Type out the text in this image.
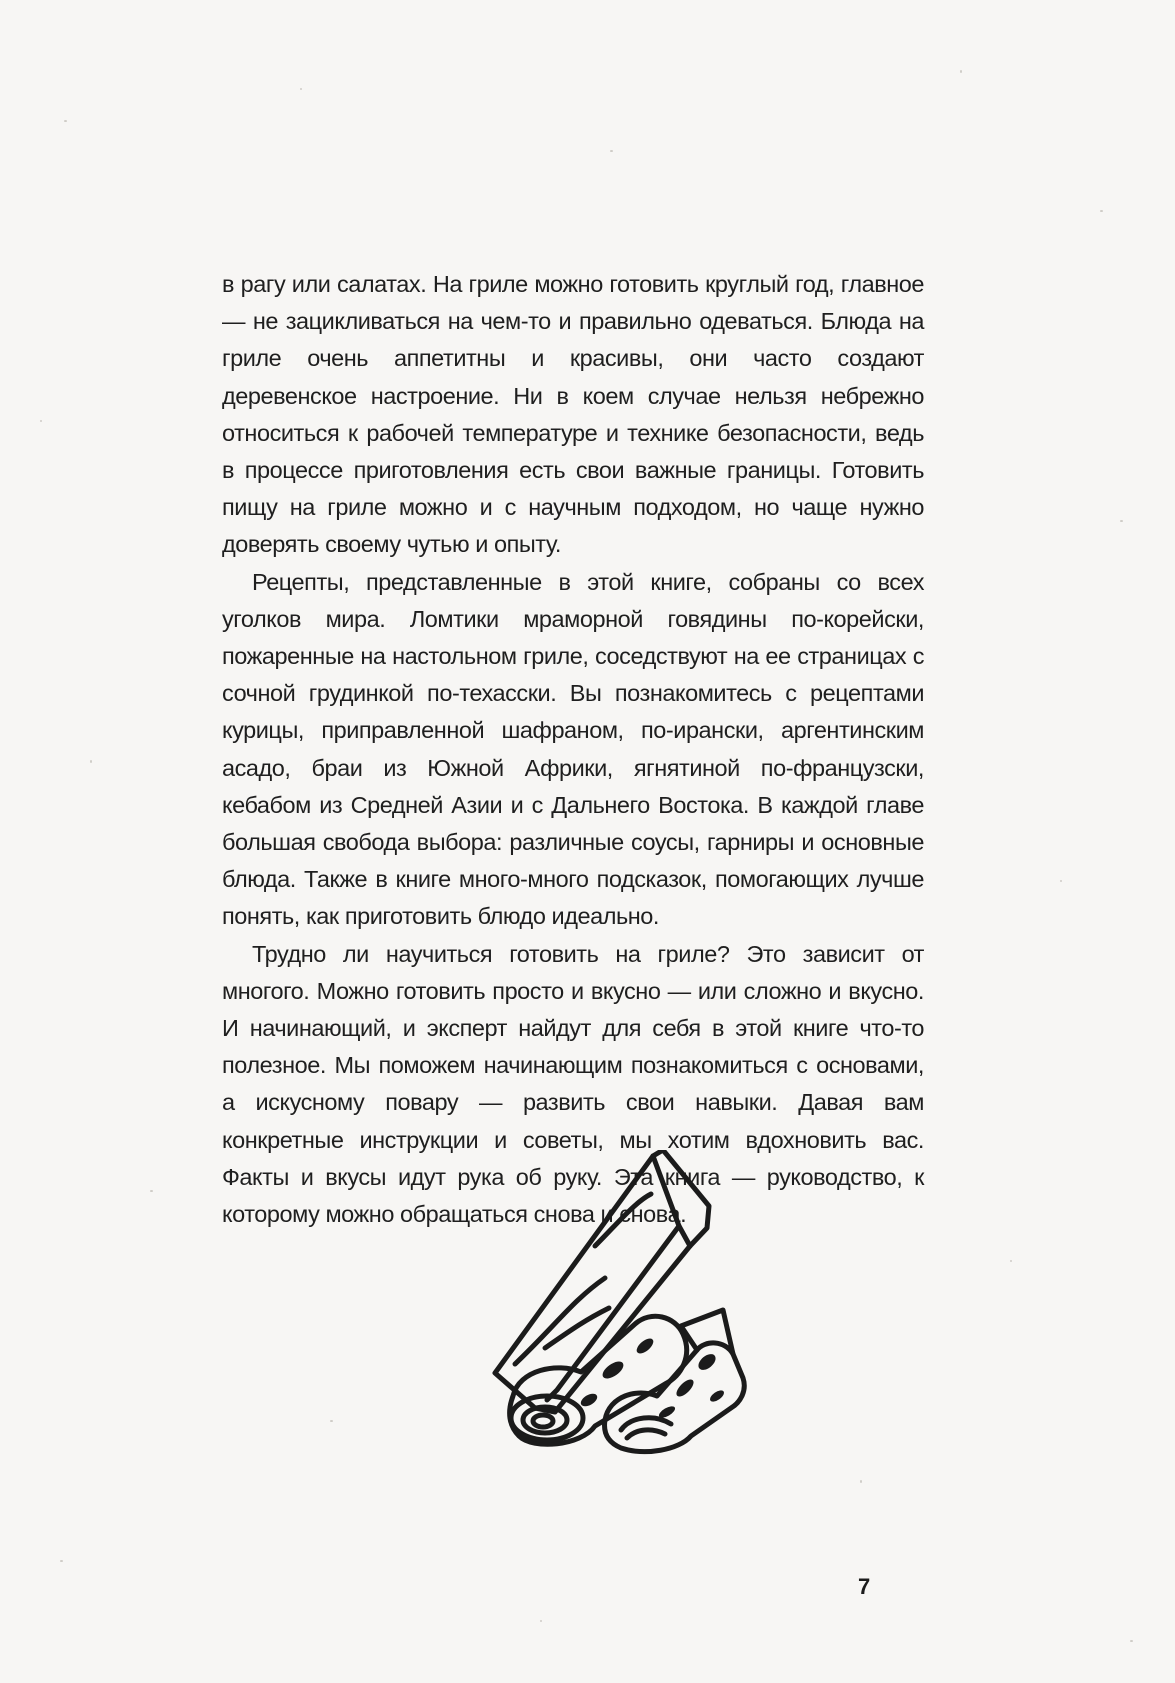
в рагу или салатах. На гриле можно готовить круглый год, главное — не зацикливаться на чем-то и правильно одеваться. Блюда на гриле очень аппетитны и красивы, они часто создают деревенское настроение. Ни в коем случае нельзя небрежно относиться к рабочей температуре и технике безопасности, ведь в процессе приготовления есть свои важные границы. Готовить пищу на гриле можно и с научным подходом, но чаще нужно доверять своему чутью и опыту.

Рецепты, представленные в этой книге, собраны со всех уголков мира. Ломтики мраморной говядины по-корейски, пожаренные на настольном гриле, соседствуют на ее страницах с сочной грудинкой по-техасски. Вы познакомитесь с рецептами курицы, приправленной шафраном, по-ирански, аргентинским асадо, браи из Южной Африки, ягнятиной по-французски, кебабом из Средней Азии и с Дальнего Востока. В каждой главе большая свобода выбора: различные соусы, гарниры и основные блюда. Также в книге много-много подсказок, помогающих лучше понять, как приготовить блюдо идеально.

Трудно ли научиться готовить на гриле? Это зависит от многого. Можно готовить просто и вкусно — или сложно и вкусно. И начинающий, и эксперт найдут для себя в этой книге что-то полезное. Мы поможем начинающим познакомиться с основами, а искусному повару — развить свои навыки. Давая вам конкретные инструкции и советы, мы хотим вдохновить вас. Факты и вкусы идут рука об руку. Эта книга — руководство, к которому можно обращаться снова и снова.

7
